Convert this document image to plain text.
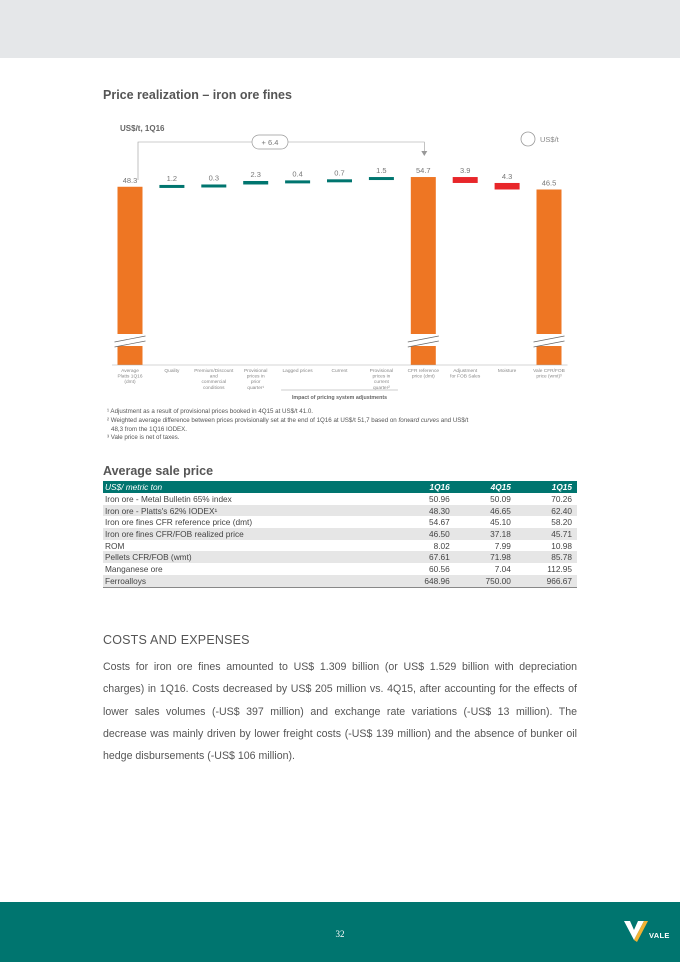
Price realization – iron ore fines
US$/t, 1Q16
US$/t
48.3
Average Platts 1Q16 (dmt)
1.2
Quality
0.3
Premium/Discount and commercial conditions
2.3
Provisional prices in prior quarter¹
0.4
Lagged prices
0.7
Current
1.5
Provisional prices in current quarter²
54.7
CFR reference price (dmt)
3.9
Adjustment for FOB Sales
4.3
Moisture
46.5
Vale CFR/FOB price (wmt)³
Impact of pricing system adjustments
+ 6.4
¹ Adjustment as a result of provisional prices booked in 4Q15 at US$/t 41.0.
² Weighted average difference between prices provisionally set at the end of 1Q16 at US$/t 51,7 based on forward curves and US$/t
48,3 from the 1Q16 IODEX.
³ Vale price is net of taxes.
Average sale price
US$/ metric ton	1Q16	4Q15	1Q15
Iron ore - Metal Bulletin 65% index	50.96	50.09	70.26
Iron ore - Platts's 62% IODEX¹	48.30	46.65	62.40
Iron ore fines CFR reference price (dmt)	54.67	45.10	58.20
Iron ore fines CFR/FOB realized price	46.50	37.18	45.71
ROM	8.02	7.99	10.98
Pellets CFR/FOB (wmt)	67.61	71.98	85.78
Manganese ore	60.56	7.04	112.95
Ferroalloys	648.96	750.00	966.67
COSTS AND EXPENSES
Costs for iron ore fines amounted to US$ 1.309 billion (or US$ 1.529 billion with depreciation charges) in 1Q16. Costs decreased by US$ 205 million vs. 4Q15, after accounting for the effects of lower sales volumes (-US$ 397 million) and exchange rate variations (-US$ 13 million). The decrease was mainly driven by lower freight costs (-US$ 139 million) and the absence of bunker oil hedge disbursements (-US$ 106 million).
32	VALE
